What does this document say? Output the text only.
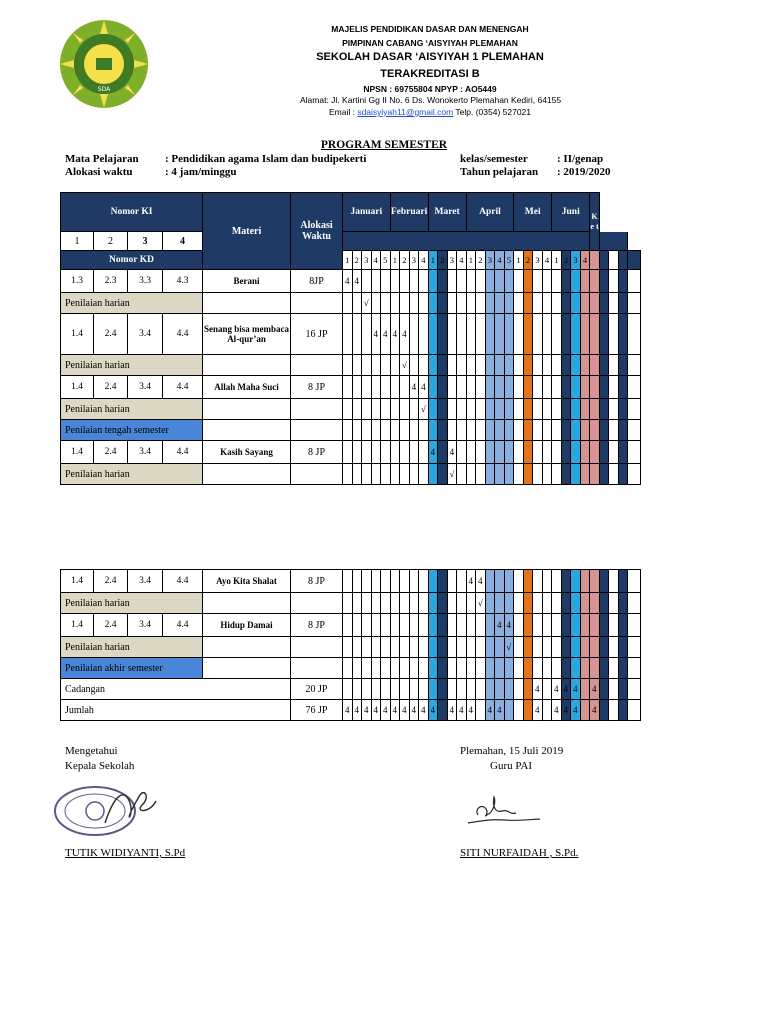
SDA
MAJELIS PENDIDIKAN DASAR DAN MENENGAH
PIMPINAN CABANG ‘AISYIYAH PLEMAHAN
SEKOLAH DASAR ‘AISYIYAH 1 PLEMAHAN
TERAKREDITASI B
NPSN : 69755804 NPYP : AO5449
Alamat: Jl. Kartini Gg II No. 6 Ds. Wonokerto Plemahan Kediri, 64155
Email : sdaisyiyah11@gmail.com Telp. (0354) 527021
PROGRAM SEMESTER
Mata Pelajaran : Pendidikan agama Islam dan budipekerti
Alokasi waktu	: 4 jam/minggu
kelas/semester	: II/genap
Tahun pelajaran : 2019/2020
Nomor KI				Materi	Alokasi Waktu	Januari					Februari				Maret				April					Mei				Juni				K e t				
1	2	3	4																																	
Nomor KD						1	2	3	4	5	1	2	3	4	1	2	3	4	1	2	3	4	5	1	2	3	4	1	2	3	4					
1.3	2.3	3.3	4.3	Berani	8JP	4	4																													
Penilaian harian								√																												
1.4	2.4	3.4	4.4	Senang bisa membaca Al-qur’an	16 JP				4	4	4	4																								
Penilaian harian												√																								
1.4	2.4	3.4	4.4	Allah Maha Suci	8 JP								4	4																						
Penilaian harian														√																						
Penilaian tengah semester																																				
1.4	2.4	3.4	4.4	Kasih Sayang	8 JP										4		4																			
Penilaian harian																	√																			
1.4	2.4	3.4	4.4	Ayo Kita Shalat	8 JP														4	4																
Penilaian harian																				√																
1.4	2.4	3.4	4.4	Hidup Damai	8 JP																	4	4													
Penilaian harian																							√													
Penilaian akhir semester																																				
Cadangan					20 JP																					4		4	4	4		4				
Jumlah					76 JP	4	4	4	4	4	4	4	4	4	4		4	4	4		4	4				4		4	4	4		4				
Mengetahui
Kepala Sekolah
TUTIK WIDIYANTI, S.Pd
Plemahan, 15 Juli 2019
Guru PAI
SITI NURFAIDAH , S.Pd.
